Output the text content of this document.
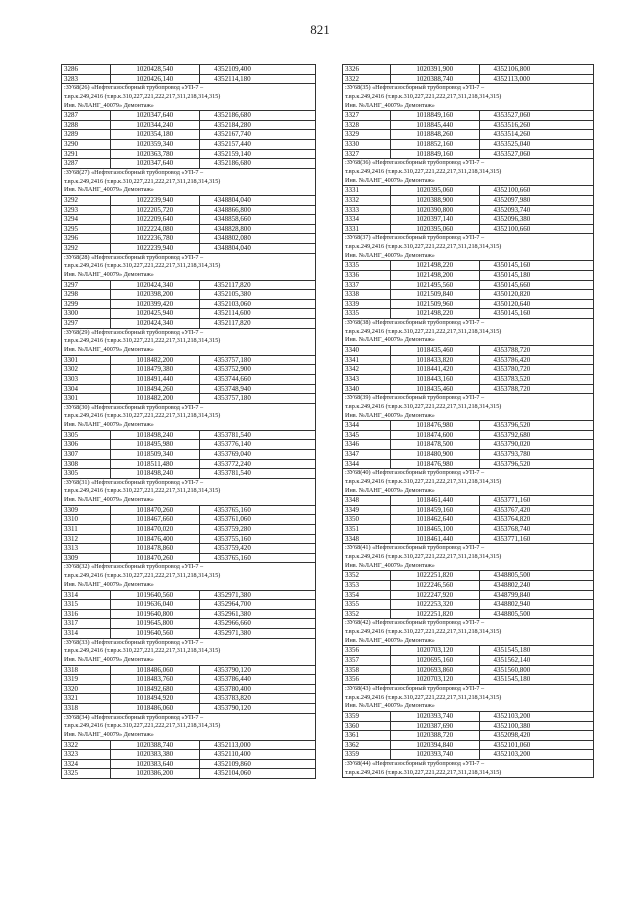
821
3286	1020428,540	4352109,400
3283	1020426,140	4352114,180
:ЗУ68(26) «Нефтегазосборный трубопровод «УП-7 –
т.вр.к.249,2416 (т.вр.к.310,227,221,222,217,311,218,314,315)
Инв. №ЛАНГ_40079» Демонтаж»
3287	1020347,640	4352186,680
3288	1020344,240	4352184,280
3289	1020354,180	4352167,740
3290	1020359,340	4352157,440
3291	1020363,780	4352159,140
3287	1020347,640	4352186,680
:ЗУ68(27) «Нефтегазосборный трубопровод «УП-7 –
т.вр.к.249,2416 (т.вр.к.310,227,221,222,217,311,218,314,315)
Инв. №ЛАНГ_40079» Демонтаж»
3292	1022239,940	4348804,040
3293	1022205,720	4348866,800
3294	1022209,640	4348858,660
3295	1022224,080	4348828,800
3296	1022236,780	4348802,080
3292	1022239,940	4348804,040
:ЗУ68(28) «Нефтегазосборный трубопровод «УП-7 –
т.вр.к.249,2416 (т.вр.к.310,227,221,222,217,311,218,314,315)
Инв. №ЛАНГ_40079» Демонтаж»
3297	1020424,340	4352117,820
3298	1020398,200	4352105,380
3299	1020399,420	4352103,060
3300	1020425,940	4352114,600
3297	1020424,340	4352117,820
:ЗУ68(29) «Нефтегазосборный трубопровод «УП-7 –
т.вр.к.249,2416 (т.вр.к.310,227,221,222,217,311,218,314,315)
Инв. №ЛАНГ_40079» Демонтаж»
3301	1018482,200	4353757,180
3302	1018479,380	4353752,900
3303	1018491,440	4353744,660
3304	1018494,260	4353748,940
3301	1018482,200	4353757,180
:ЗУ68(30) «Нефтегазосборный трубопровод «УП-7 –
т.вр.к.249,2416 (т.вр.к.310,227,221,222,217,311,218,314,315)
Инв. №ЛАНГ_40079» Демонтаж»
3305	1018498,240	4353781,540
3306	1018495,980	4353776,140
3307	1018509,340	4353769,040
3308	1018511,480	4353772,240
3305	1018498,240	4353781,540
:ЗУ68(31) «Нефтегазосборный трубопровод «УП-7 –
т.вр.к.249,2416 (т.вр.к.310,227,221,222,217,311,218,314,315)
Инв. №ЛАНГ_40079» Демонтаж»
3309	1018470,260	4353765,160
3310	1018467,660	4353761,060
3311	1018470,020	4353759,280
3312	1018476,400	4353755,160
3313	1018478,860	4353759,420
3309	1018470,260	4353765,160
:ЗУ68(32) «Нефтегазосборный трубопровод «УП-7 –
т.вр.к.249,2416 (т.вр.к.310,227,221,222,217,311,218,314,315)
Инв. №ЛАНГ_40079» Демонтаж»
3314	1019640,560	4352971,380
3315	1019636,040	4352964,700
3316	1019640,800	4352961,380
3317	1019645,800	4352966,660
3314	1019640,560	4352971,380
:ЗУ68(33) «Нефтегазосборный трубопровод «УП-7 –
т.вр.к.249,2416 (т.вр.к.310,227,221,222,217,311,218,314,315)
Инв. №ЛАНГ_40079» Демонтаж»
3318	1018486,060	4353790,120
3319	1018483,760	4353786,440
3320	1018492,680	4353780,400
3321	1018494,920	4353783,820
3318	1018486,060	4353790,120
:ЗУ68(34) «Нефтегазосборный трубопровод «УП-7 –
т.вр.к.249,2416 (т.вр.к.310,227,221,222,217,311,218,314,315)
Инв. №ЛАНГ_40079» Демонтаж»
3322	1020388,740	4352113,000
3323	1020383,380	4352110,400
3324	1020383,640	4352109,860
3325	1020386,200	4352104,060
3326	1020391,900	4352106,800
3322	1020388,740	4352113,000
:ЗУ68(35) «Нефтегазосборный трубопровод «УП-7 –
т.вр.к.249,2416 (т.вр.к.310,227,221,222,217,311,218,314,315)
Инв. №ЛАНГ_40079» Демонтаж»
3327	1018849,160	4353527,060
3328	1018845,440	4353516,260
3329	1018848,260	4353514,260
3330	1018852,160	4353525,040
3327	1018849,160	4353527,060
:ЗУ68(36) «Нефтегазосборный трубопровод «УП-7 –
т.вр.к.249,2416 (т.вр.к.310,227,221,222,217,311,218,314,315)
Инв. №ЛАНГ_40079» Демонтаж»
3331	1020395,060	4352100,660
3332	1020388,900	4352097,980
3333	1020390,800	4352093,740
3334	1020397,140	4352096,380
3331	1020395,060	4352100,660
:ЗУ68(37) «Нефтегазосборный трубопровод «УП-7 –
т.вр.к.249,2416 (т.вр.к.310,227,221,222,217,311,218,314,315)
Инв. №ЛАНГ_40079» Демонтаж»
3335	1021498,220	4350145,160
3336	1021498,200	4350145,180
3337	1021495,560	4350145,660
3338	1021509,840	4350120,820
3339	1021509,960	4350120,640
3335	1021498,220	4350145,160
:ЗУ68(38) «Нефтегазосборный трубопровод «УП-7 –
т.вр.к.249,2416 (т.вр.к.310,227,221,222,217,311,218,314,315)
Инв. №ЛАНГ_40079» Демонтаж»
3340	1018435,460	4353788,720
3341	1018433,820	4353786,420
3342	1018441,420	4353780,720
3343	1018443,160	4353783,520
3340	1018435,460	4353788,720
:ЗУ68(39) «Нефтегазосборный трубопровод «УП-7 –
т.вр.к.249,2416 (т.вр.к.310,227,221,222,217,311,218,314,315)
Инв. №ЛАНГ_40079» Демонтаж»
3344	1018476,980	4353796,520
3345	1018474,600	4353792,680
3346	1018478,500	4353790,020
3347	1018480,900	4353793,780
3344	1018476,980	4353796,520
:ЗУ68(40) «Нефтегазосборный трубопровод «УП-7 –
т.вр.к.249,2416 (т.вр.к.310,227,221,222,217,311,218,314,315)
Инв. №ЛАНГ_40079» Демонтаж»
3348	1018461,440	4353771,160
3349	1018459,160	4353767,420
3350	1018462,640	4353764,820
3351	1018465,100	4353768,740
3348	1018461,440	4353771,160
:ЗУ68(41) «Нефтегазосборный трубопровод «УП-7 –
т.вр.к.249,2416 (т.вр.к.310,227,221,222,217,311,218,314,315)
Инв. №ЛАНГ_40079» Демонтаж»
3352	1022251,820	4348805,500
3353	1022246,560	4348802,240
3354	1022247,920	4348799,840
3355	1022253,320	4348802,940
3352	1022251,820	4348805,500
:ЗУ68(42) «Нефтегазосборный трубопровод «УП-7 –
т.вр.к.249,2416 (т.вр.к.310,227,221,222,217,311,218,314,315)
Инв. №ЛАНГ_40079» Демонтаж»
3356	1020703,120	4351545,180
3357	1020695,160	4351562,140
3358	1020693,860	4351560,800
3356	1020703,120	4351545,180
:ЗУ68(43) «Нефтегазосборный трубопровод «УП-7 –
т.вр.к.249,2416 (т.вр.к.310,227,221,222,217,311,218,314,315)
Инв. №ЛАНГ_40079» Демонтаж»
3359	1020393,740	4352103,200
3360	1020387,690	4352100,380
3361	1020388,720	4352098,420
3362	1020394,840	4352101,060
3359	1020393,740	4352103,200
:ЗУ68(44) «Нефтегазосборный трубопровод «УП-7 –
т.вр.к.249,2416 (т.вр.к.310,227,221,222,217,311,218,314,315)
